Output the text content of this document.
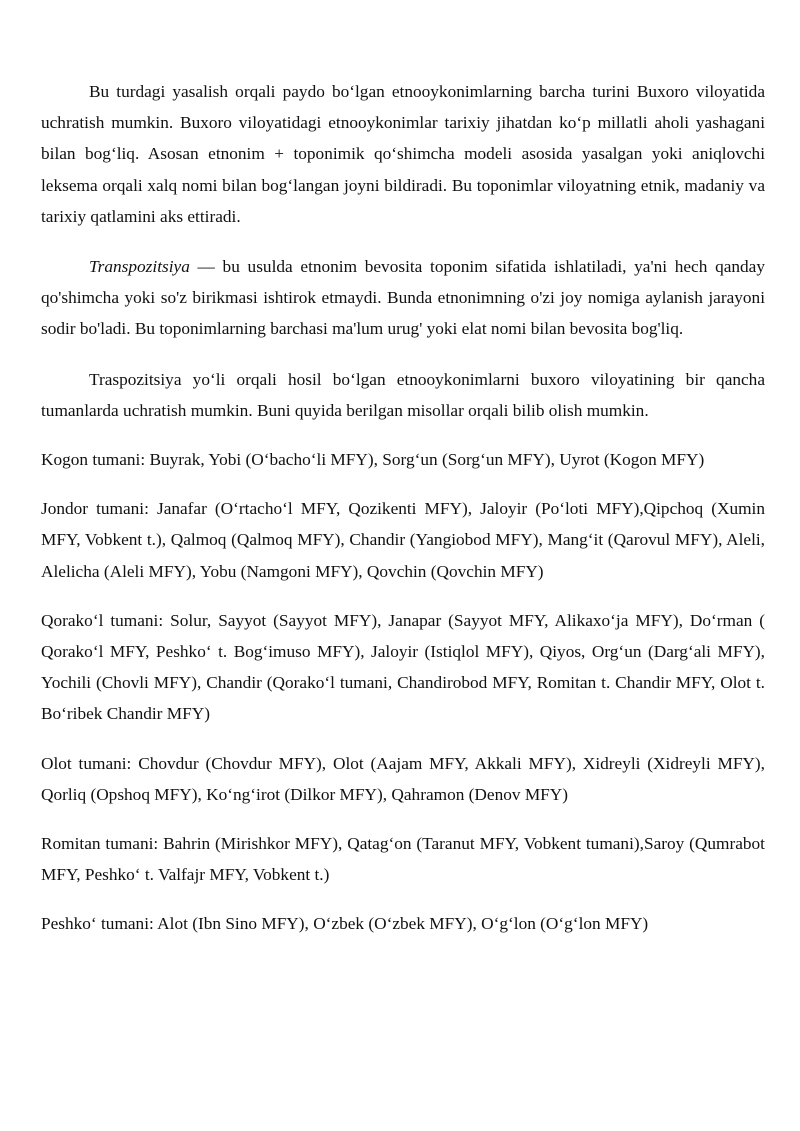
Bu turdagi yasalish orqali paydo bo‘lgan etnooykonimlarning barcha turini Buxoro viloyatida uchratish mumkin. Buxoro viloyatidagi etnooykonimlar tarixiy jihatdan ko‘p millatli aholi yashagani bilan bog‘liq. Asosan etnonim + toponimik qo‘shimcha modeli asosida yasalgan yoki aniqlovchi leksema orqali xalq nomi bilan bog‘langan joyni bildiradi. Bu toponimlar viloyatning etnik, madaniy va tarixiy qatlamini aks ettiradi.

Transpozitsiya — bu usulda etnonim bevosita toponim sifatida ishlatiladi, ya'ni hech qanday qo'shimcha yoki so'z birikmasi ishtirok etmaydi. Bunda etnonimning o'zi joy nomiga aylanish jarayoni sodir bo'ladi. Bu toponimlarning barchasi ma'lum urug' yoki elat nomi bilan bevosita bog'liq.

Traspozitsiya yo‘li orqali hosil bo‘lgan etnooykonimlarni buxoro viloyatining bir qancha tumanlarda uchratish mumkin. Buni quyida berilgan misollar orqali bilib olish mumkin.

Kogon tumani: Buyrak, Yobi (O‘bacho‘li MFY), Sorg‘un (Sorg‘un MFY), Uyrot (Kogon MFY)

Jondor tumani: Janafar (O‘rtacho‘l MFY, Qozikenti MFY), Jaloyir (Po‘loti MFY),Qipchoq (Xumin MFY, Vobkent t.), Qalmoq (Qalmoq MFY), Chandir (Yangiobod MFY), Mang‘it (Qarovul MFY), Aleli, Alelicha (Aleli MFY), Yobu (Namgoni MFY), Qovchin (Qovchin MFY)

Qorako‘l tumani: Solur, Sayyot (Sayyot MFY), Janapar (Sayyot MFY, Alikaxo‘ja MFY), Do‘rman ( Qorako‘l MFY, Peshko‘ t. Bog‘imuso MFY), Jaloyir (Istiqlol MFY), Qiyos, Org‘un (Darg‘ali MFY), Yochili (Chovli MFY), Chandir (Qorako‘l tumani, Chandirobod MFY, Romitan t. Chandir MFY, Olot t. Bo‘ribek Chandir MFY)

Olot tumani: Chovdur (Chovdur MFY), Olot (Aajam MFY, Akkali MFY), Xidreyli (Xidreyli MFY), Qorliq (Opshoq MFY), Ko‘ng‘irot (Dilkor MFY), Qahramon (Denov MFY)

Romitan tumani: Bahrin (Mirishkor MFY), Qatag‘on (Taranut MFY, Vobkent tumani),Saroy (Qumrabot MFY, Peshko‘ t. Valfajr MFY, Vobkent t.)

Peshko‘ tumani: Alot (Ibn Sino MFY), O‘zbek (O‘zbek MFY), O‘g‘lon (O‘g‘lon MFY)
